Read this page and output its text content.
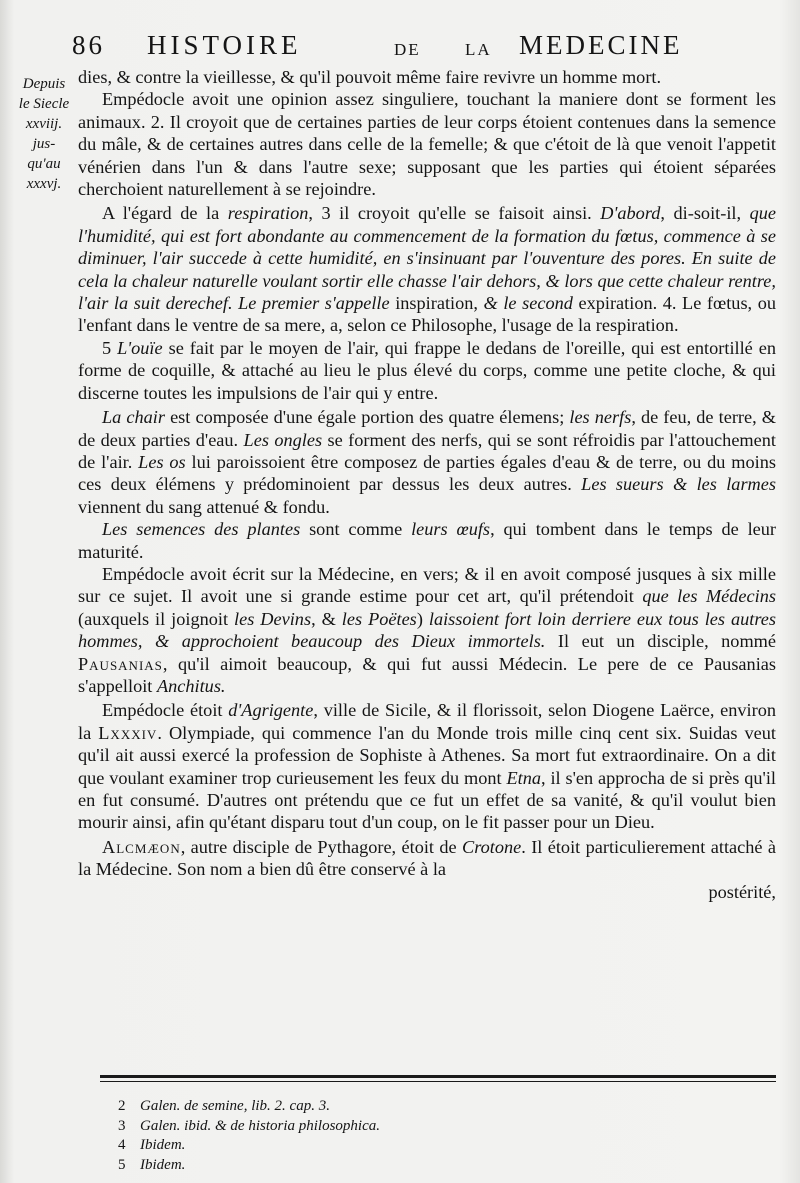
86 HISTOIRE	DE	LA MEDECINE
Depuis
le Siecle
xxviij.
jus-
qu'au
xxxvj.

dies, & contre la vieillesse, & qu'il pouvoit même faire revivre un homme mort.

Empédocle avoit une opinion assez singuliere, touchant la maniere dont se forment les animaux. 2. Il croyoit que de certaines parties de leur corps étoient contenues dans la semence du mâle, & de certaines autres dans celle de la femelle; & que c'étoit de là que venoit l'appetit vénérien dans l'un & dans l'autre sexe; supposant que les parties qui étoient séparées cherchoient naturellement à se rejoindre.

A l'égard de la respiration, 3 il croyoit qu'elle se faisoit ainsi. D'abord, di-soit-il, que l'humidité, qui est fort abondante au commencement de la formation du fœtus, commence à se diminuer, l'air succede à cette humidité, en s'insinuant par l'ouventure des pores. En suite de cela la chaleur naturelle voulant sortir elle chasse l'air dehors, & lors que cette chaleur rentre, l'air la suit derechef. Le premier s'appelle inspiration, & le second expiration. 4. Le fœtus, ou l'enfant dans le ventre de sa mere, a, selon ce Philosophe, l'usage de la respiration.

5 L'ouïe se fait par le moyen de l'air, qui frappe le dedans de l'oreille, qui est entortillé en forme de coquille, & attaché au lieu le plus élevé du corps, comme une petite cloche, & qui discerne toutes les impulsions de l'air qui y entre.

La chair est composée d'une égale portion des quatre élemens; les nerfs, de feu, de terre, & de deux parties d'eau. Les ongles se forment des nerfs, qui se sont réfroidis par l'attouchement de l'air. Les os lui paroissoient être composez de parties égales d'eau & de terre, ou du moins ces deux élémens y prédominoient par dessus les deux autres. Les sueurs & les larmes viennent du sang attenué & fondu.

Les semences des plantes sont comme leurs œufs, qui tombent dans le temps de leur maturité.

Empédocle avoit écrit sur la Médecine, en vers; & il en avoit composé jusques à six mille sur ce sujet. Il avoit une si grande estime pour cet art, qu'il prétendoit que les Médecins (auxquels il joignoit les Devins, & les Poëtes) laissoient fort loin derriere eux tous les autres hommes, & approchoient beaucoup des Dieux immortels. Il eut un disciple, nommé Pausanias, qu'il aimoit beaucoup, & qui fut aussi Médecin. Le pere de ce Pausanias s'appelloit Anchitus.

Empédocle étoit d'Agrigente, ville de Sicile, & il florissoit, selon Diogene Laërce, environ la Lxxxiv. Olympiade, qui commence l'an du Monde trois mille cinq cent six. Suidas veut qu'il ait aussi exercé la profession de Sophiste à Athenes. Sa mort fut extraordinaire. On a dit que voulant examiner trop curieusement les feux du mont Etna, il s'en approcha de si près qu'il en fut consumé. D'autres ont prétendu que ce fut un effet de sa vanité, & qu'il voulut bien mourir ainsi, afin qu'étant disparu tout d'un coup, on le fit passer pour un Dieu.

Alcmæon, autre disciple de Pythagore, étoit de Crotone. Il étoit particulierement attaché à la Médecine. Son nom a bien dû être conservé à la

postérité,

2 Galen. de semine, lib. 2. cap. 3.
3 Galen. ibid. & de historia philosophica.
4 Ibidem.
5 Ibidem.
